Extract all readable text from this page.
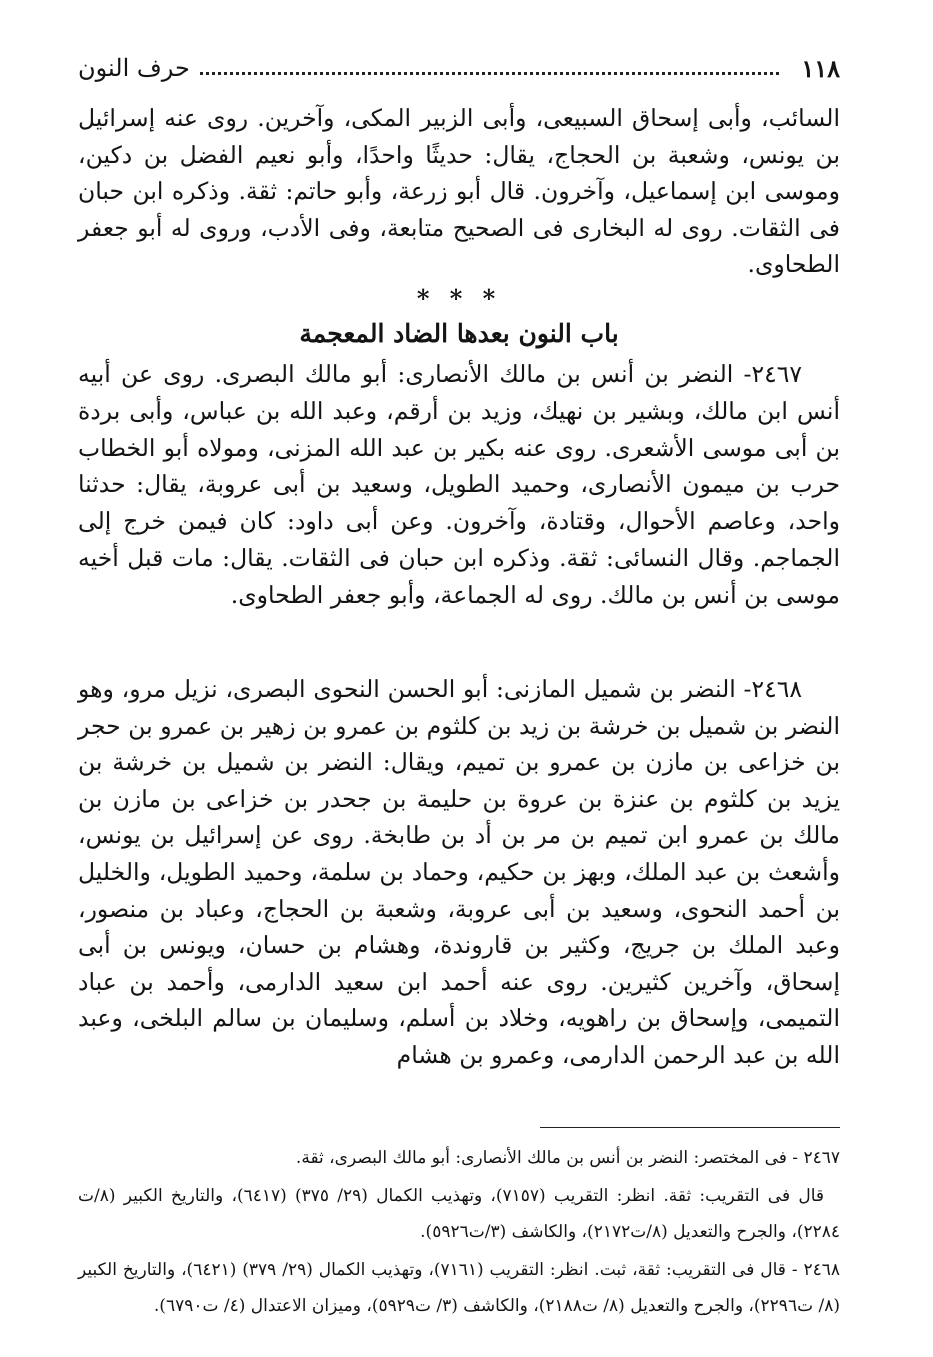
١١٨
حرف النون

السائب، وأبى إسحاق السبيعى، وأبى الزبير المكى، وآخرين. روى عنه إسرائيل بن يونس، وشعبة بن الحجاج، يقال: حديثًا واحدًا، وأبو نعيم الفضل بن دكين، وموسى ابن إسماعيل، وآخرون. قال أبو زرعة، وأبو حاتم: ثقة. وذكره ابن حبان فى الثقات. روى له البخارى فى الصحيح متابعة، وفى الأدب، وروى له أبو جعفر الطحاوى.

* * *
باب النون بعدها الضاد المعجمة

٢٤٦٧- النضر بن أنس بن مالك الأنصارى: أبو مالك البصرى. روى عن أبيه أنس ابن مالك، وبشير بن نهيك، وزيد بن أرقم، وعبد الله بن عباس، وأبى بردة بن أبى موسى الأشعرى. روى عنه بكير بن عبد الله المزنى، ومولاه أبو الخطاب حرب بن ميمون الأنصارى، وحميد الطويل، وسعيد بن أبى عروبة، يقال: حدثنا واحد، وعاصم الأحوال، وقتادة، وآخرون. وعن أبى داود: كان فيمن خرج إلى الجماجم. وقال النسائى: ثقة. وذكره ابن حبان فى الثقات. يقال: مات قبل أخيه موسى بن أنس بن مالك. روى له الجماعة، وأبو جعفر الطحاوى.

٢٤٦٨- النضر بن شميل المازنى: أبو الحسن النحوى البصرى، نزيل مرو، وهو النضر بن شميل بن خرشة بن زيد بن كلثوم بن عمرو بن زهير بن عمرو بن حجر بن خزاعى بن مازن بن عمرو بن تميم، ويقال: النضر بن شميل بن خرشة بن يزيد بن كلثوم بن عنزة بن عروة بن حليمة بن جحدر بن خزاعى بن مازن بن مالك بن عمرو ابن تميم بن مر بن أد بن طابخة. روى عن إسرائيل بن يونس، وأشعث بن عبد الملك، وبهز بن حكيم، وحماد بن سلمة، وحميد الطويل، والخليل بن أحمد النحوى، وسعيد بن أبى عروبة، وشعبة بن الحجاج، وعباد بن منصور، وعبد الملك بن جريج، وكثير بن قاروندة، وهشام بن حسان، ويونس بن أبى إسحاق، وآخرين كثيرين. روى عنه أحمد ابن سعيد الدارمى، وأحمد بن عباد التميمى، وإسحاق بن راهويه، وخلاد بن أسلم، وسليمان بن سالم البلخى، وعبد الله بن عبد الرحمن الدارمى، وعمرو بن هشام

٢٤٦٧ - فى المختصر: النضر بن أنس بن مالك الأنصارى: أبو مالك البصرى، ثقة.

قال فى التقريب: ثقة. انظر: التقريب (٧١٥٧)، وتهذيب الكمال (٢٩/ ٣٧٥) (٦٤١٧)، والتاريخ الكبير (٨/ت ٢٢٨٤)، والجرح والتعديل (٨/ت٢١٧٢)، والكاشف (٣/ت٥٩٢٦).

٢٤٦٨ - قال فى التقريب: ثقة، ثبت. انظر: التقريب (٧١٦١)، وتهذيب الكمال (٢٩/ ٣٧٩) (٦٤٢١)، والتاريخ الكبير (٨/ ت٢٢٩٦)، والجرح والتعديل (٨/ ت٢١٨٨)، والكاشف (٣/ ت٥٩٢٩)، وميزان الاعتدال (٤/ ت٦٧٩٠).
